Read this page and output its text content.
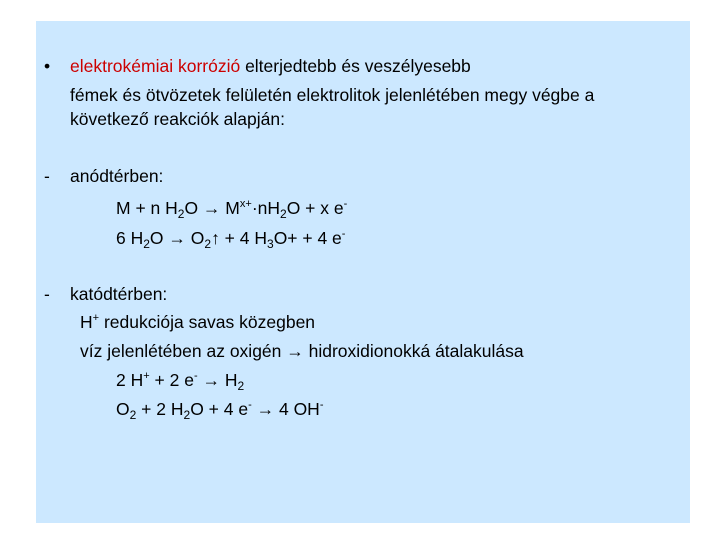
• elektrokémiai korrózió elterjedtebb és veszélyesebb
fémek és ötvözetek felületén elektrolitok jelenlétében megy végbe a
következő reakciók alapján:
- anódtérben:
M + n $H_2O \to M^{x+}\cdot nH_2O + x$ e-
6 $H_2O$ → $O_2↑ + 4$ $H_3O+ + 4$ e-
- katódtérben:
H+ redukciója savas közegben
víz jelenlétében az oxigén → hidroxidionokká átalakulása
2 H+ + 2 $e^- \to H_2$
$O_2 + 2$ $H_2O + 4$ e- → 4 OH-
